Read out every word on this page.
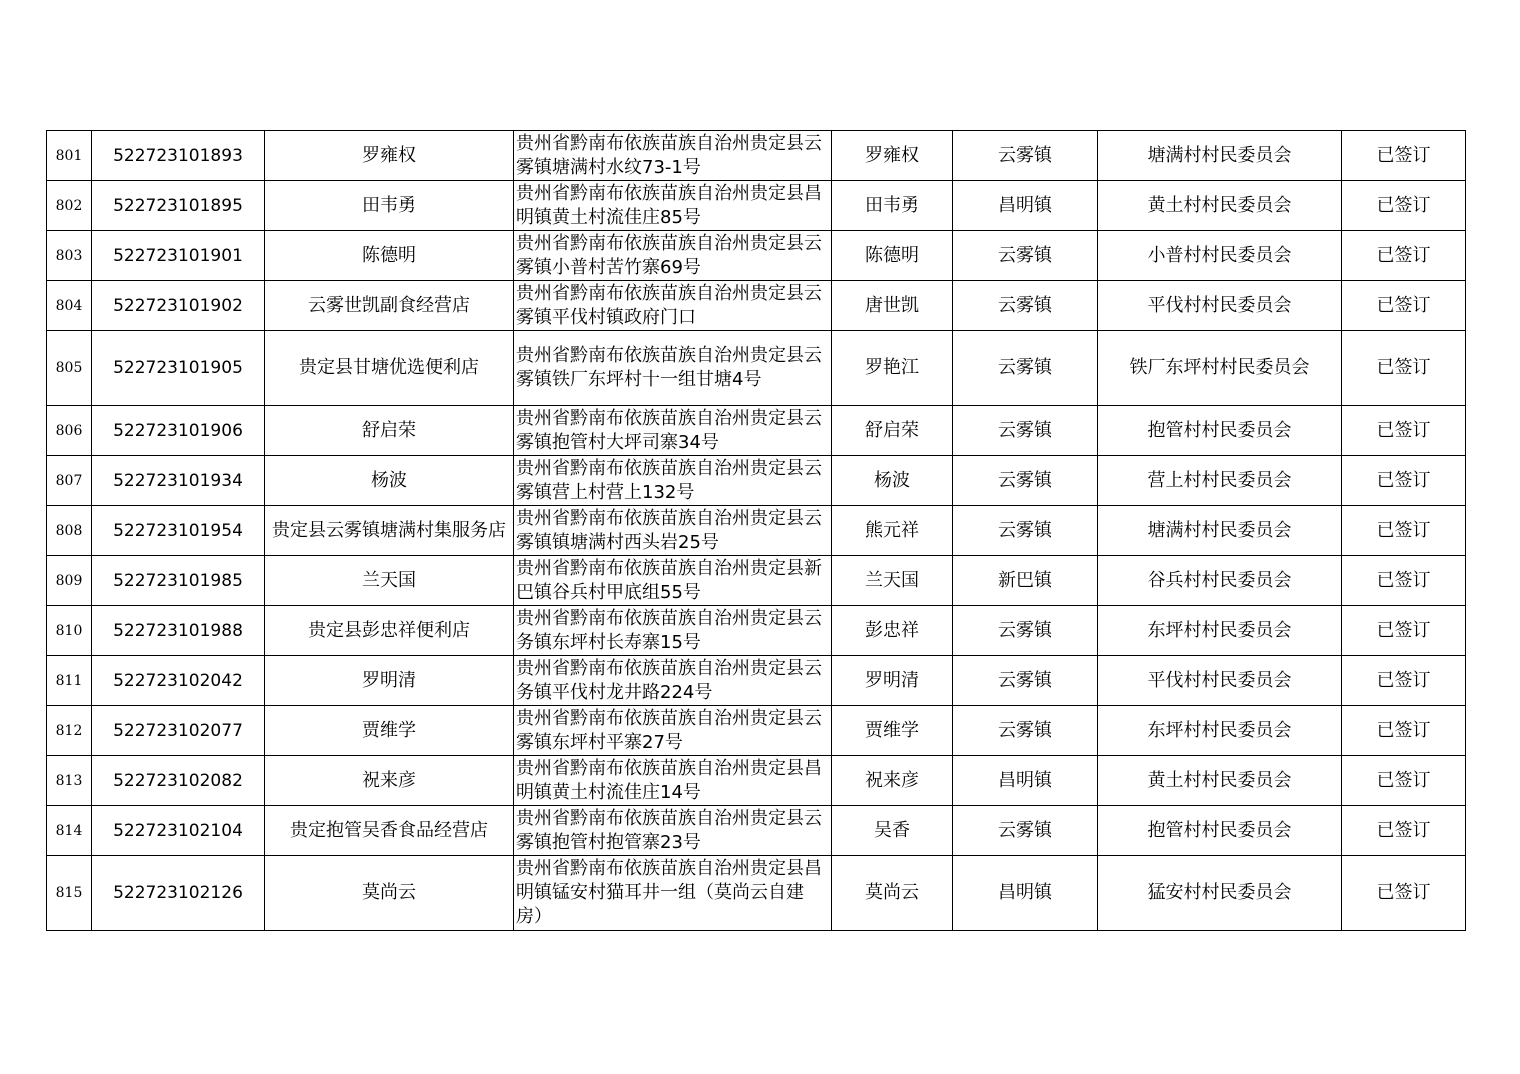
801	522723101893	罗雍权	贵州省黔南布依族苗族自治州贵定县云雾镇塘满村水纹73-1号	罗雍权	云雾镇	塘满村村民委员会	已签订
802	522723101895	田韦勇	贵州省黔南布依族苗族自治州贵定县昌明镇黄土村流佳庄85号	田韦勇	昌明镇	黄土村村民委员会	已签订
803	522723101901	陈德明	贵州省黔南布依族苗族自治州贵定县云雾镇小普村苦竹寨69号	陈德明	云雾镇	小普村村民委员会	已签订
804	522723101902	云雾世凯副食经营店	贵州省黔南布依族苗族自治州贵定县云雾镇平伐村镇政府门口	唐世凯	云雾镇	平伐村村民委员会	已签订
805	522723101905	贵定县甘塘优选便利店	贵州省黔南布依族苗族自治州贵定县云雾镇铁厂东坪村十一组甘塘4号	罗艳江	云雾镇	铁厂东坪村村民委员会	已签订
806	522723101906	舒启荣	贵州省黔南布依族苗族自治州贵定县云雾镇抱管村大坪司寨34号	舒启荣	云雾镇	抱管村村民委员会	已签订
807	522723101934	杨波	贵州省黔南布依族苗族自治州贵定县云雾镇营上村营上132号	杨波	云雾镇	营上村村民委员会	已签订
808	522723101954	贵定县云雾镇塘满村集服务店	贵州省黔南布依族苗族自治州贵定县云雾镇镇塘满村西头岩25号	熊元祥	云雾镇	塘满村村民委员会	已签订
809	522723101985	兰天国	贵州省黔南布依族苗族自治州贵定县新巴镇谷兵村甲底组55号	兰天国	新巴镇	谷兵村村民委员会	已签订
810	522723101988	贵定县彭忠祥便利店	贵州省黔南布依族苗族自治州贵定县云务镇东坪村长寿寨15号	彭忠祥	云雾镇	东坪村村民委员会	已签订
811	522723102042	罗明清	贵州省黔南布依族苗族自治州贵定县云务镇平伐村龙井路224号	罗明清	云雾镇	平伐村村民委员会	已签订
812	522723102077	贾维学	贵州省黔南布依族苗族自治州贵定县云雾镇东坪村平寨27号	贾维学	云雾镇	东坪村村民委员会	已签订
813	522723102082	祝来彦	贵州省黔南布依族苗族自治州贵定县昌明镇黄土村流佳庄14号	祝来彦	昌明镇	黄土村村民委员会	已签订
814	522723102104	贵定抱管吴香食品经营店	贵州省黔南布依族苗族自治州贵定县云雾镇抱管村抱管寨23号	吴香	云雾镇	抱管村村民委员会	已签订
815	522723102126	莫尚云	贵州省黔南布依族苗族自治州贵定县昌明镇锰安村猫耳井一组（莫尚云自建房）	莫尚云	昌明镇	猛安村村民委员会	已签订
